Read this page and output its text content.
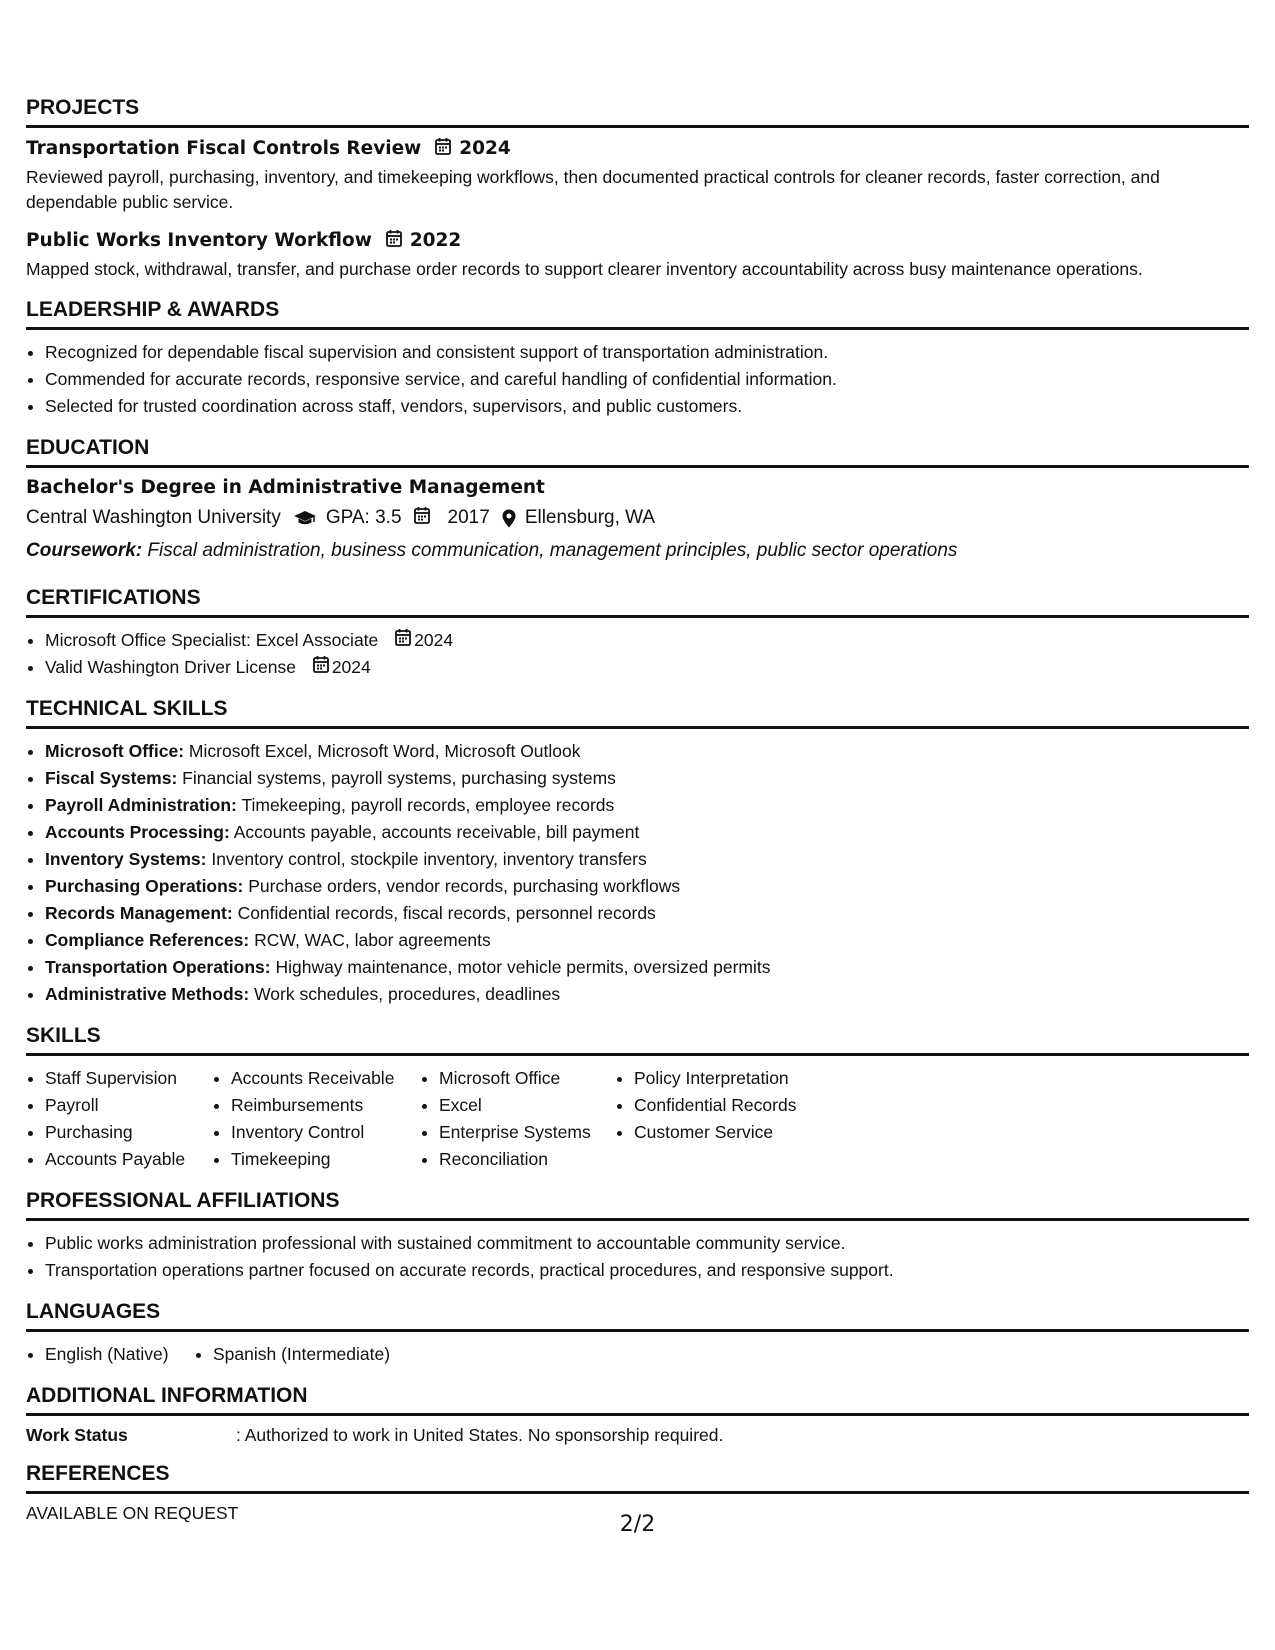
PROJECTS
Transportation Fiscal Controls Review 2024
Reviewed payroll, purchasing, inventory, and timekeeping workflows, then documented practical controls for cleaner records, faster correction, and dependable public service.
Public Works Inventory Workflow 2022
Mapped stock, withdrawal, transfer, and purchase order records to support clearer inventory accountability across busy maintenance operations.
LEADERSHIP & AWARDS
• Recognized for dependable fiscal supervision and consistent support of transportation administration.
• Commended for accurate records, responsive service, and careful handling of confidential information.
• Selected for trusted coordination across staff, vendors, supervisors, and public customers.
EDUCATION
Bachelor's Degree in Administrative Management
Central Washington University GPA: 3.5 2017 Ellensburg, WA
Coursework: Fiscal administration, business communication, management principles, public sector operations
CERTIFICATIONS
• Microsoft Office Specialist: Excel Associate 2024
• Valid Washington Driver License 2024
TECHNICAL SKILLS
• Microsoft Office: Microsoft Excel, Microsoft Word, Microsoft Outlook
• Fiscal Systems: Financial systems, payroll systems, purchasing systems
• Payroll Administration: Timekeeping, payroll records, employee records
• Accounts Processing: Accounts payable, accounts receivable, bill payment
• Inventory Systems: Inventory control, stockpile inventory, inventory transfers
• Purchasing Operations: Purchase orders, vendor records, purchasing workflows
• Records Management: Confidential records, fiscal records, personnel records
• Compliance References: RCW, WAC, labor agreements
• Transportation Operations: Highway maintenance, motor vehicle permits, oversized permits
• Administrative Methods: Work schedules, procedures, deadlines
SKILLS
• Staff Supervision
• Payroll
• Purchasing
• Accounts Payable
• Accounts Receivable
• Reimbursements
• Inventory Control
• Timekeeping
• Microsoft Office
• Excel
• Enterprise Systems
• Reconciliation
• Policy Interpretation
• Confidential Records
• Customer Service
PROFESSIONAL AFFILIATIONS
• Public works administration professional with sustained commitment to accountable community service.
• Transportation operations partner focused on accurate records, practical procedures, and responsive support.
LANGUAGES
• English (Native)
•	Spanish (Intermediate)
ADDITIONAL INFORMATION
Work Status	: Authorized to work in United States. No sponsorship required.
REFERENCES
AVAILABLE ON REQUEST	2/2
